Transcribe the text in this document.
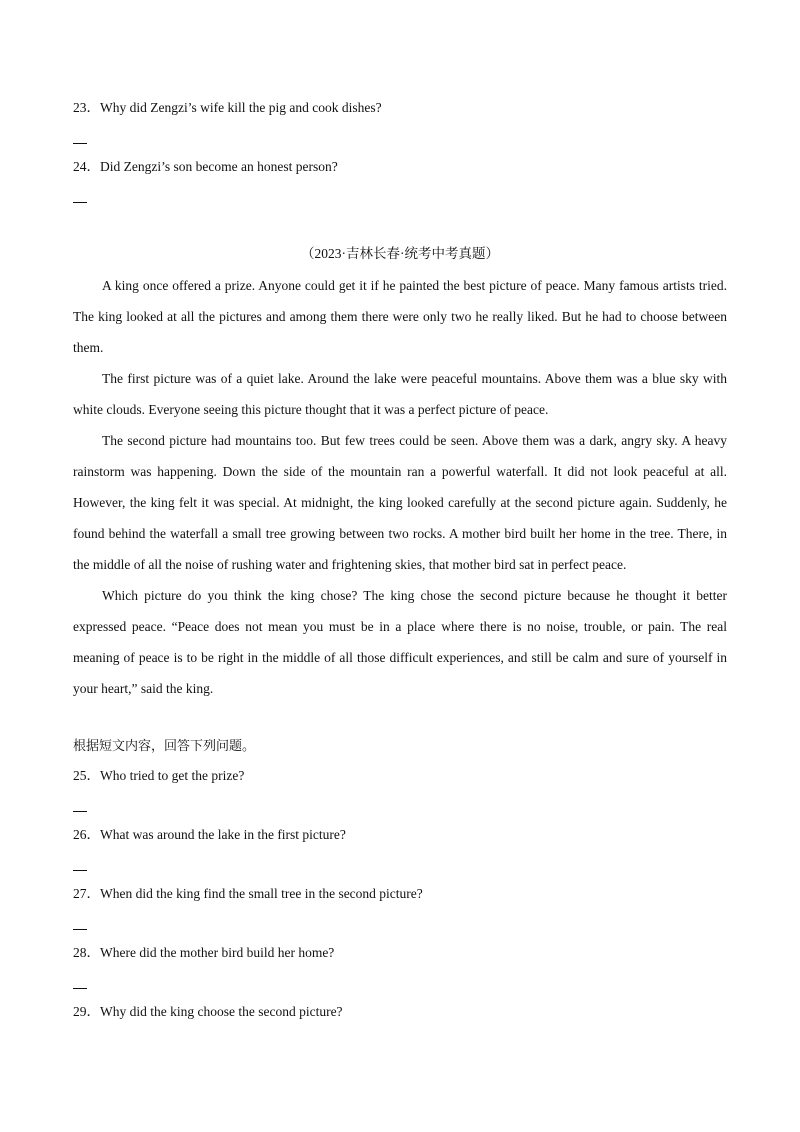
23．Why did Zengzi’s wife kill the pig and cook dishes?
24．Did Zengzi’s son become an honest person?
（2023·吉林长春·统考中考真题）

A king once offered a prize. Anyone could get it if he painted the best picture of peace. Many famous artists tried. The king looked at all the pictures and among them there were only two he really liked. But he had to choose between them.

The first picture was of a quiet lake. Around the lake were peaceful mountains. Above them was a blue sky with white clouds. Everyone seeing this picture thought that it was a perfect picture of peace.

The second picture had mountains too. But few trees could be seen. Above them was a dark, angry sky. A heavy rainstorm was happening. Down the side of the mountain ran a powerful waterfall. It did not look peaceful at all. However, the king felt it was special. At midnight, the king looked carefully at the second picture again. Suddenly, he found behind the waterfall a small tree growing between two rocks. A mother bird built her home in the tree. There, in the middle of all the noise of rushing water and frightening skies, that mother bird sat in perfect peace.

Which picture do you think the king chose? The king chose the second picture because he thought it better expressed peace. “Peace does not mean you must be in a place where there is no noise, trouble, or pain. The real meaning of peace is to be right in the middle of all those difficult experiences, and still be calm and sure of yourself in your heart,” said the king.

根据短文内容，回答下列问题。
25．Who tried to get the prize?
26．What was around the lake in the first picture?
27．When did the king find the small tree in the second picture?
28．Where did the mother bird build her home?
29．Why did the king choose the second picture?
